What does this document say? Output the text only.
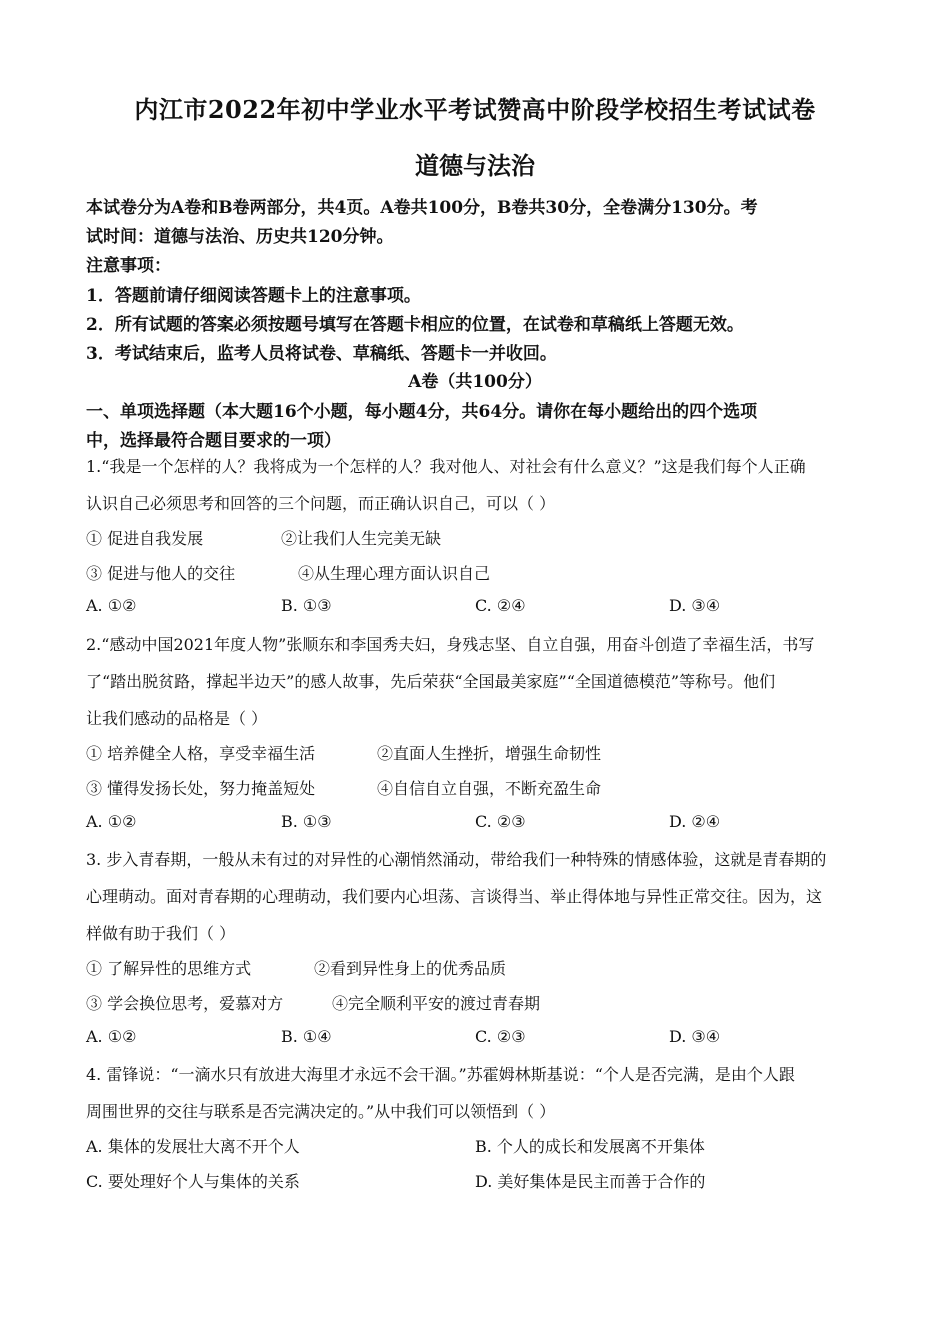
内江市2022年初中学业水平考试赞高中阶段学校招生考试试卷
道德与法治
本试卷分为A卷和B卷两部分，共4页。A卷共100分，B卷共30分，全卷满分130分。考
试时间：道德与法治、历史共120分钟。
注意事项：
1．答题前请仔细阅读答题卡上的注意事项。
2．所有试题的答案必须按题号填写在答题卡相应的位置，在试卷和草稿纸上答题无效。
3．考试结束后，监考人员将试卷、草稿纸、答题卡一并收回。
A卷（共100分）
一、单项选择题（本大题16个小题，每小题4分，共64分。请你在每小题给出的四个选项
中，选择最符合题目要求的一项）
1.“我是一个怎样的人？我将成为一个怎样的人？我对他人、对社会有什么意义？”这是我们每个人正确
认识自己必须思考和回答的三个问题，而正确认识自己，可以（ ）
① 促进自我发展	②让我们人生完美无缺
③ 促进与他人的交往	④从生理心理方面认识自己
A. ①②	B. ①③	C. ②④	D. ③④
2.“感动中国2021年度人物”张顺东和李国秀夫妇，身残志坚、自立自强，用奋斗创造了幸福生活，书写
了“踏出脱贫路，撑起半边天”的感人故事，先后荣获“全国最美家庭”“全国道德模范”等称号。他们
让我们感动的品格是（ ）
① 培养健全人格，享受幸福生活	②直面人生挫折，增强生命韧性
③ 懂得发扬长处，努力掩盖短处	④自信自立自强，不断充盈生命
A. ①②	B. ①③	C. ②③	D. ②④
3. 步入青春期，一般从未有过的对异性的心潮悄然涌动，带给我们一种特殊的情感体验，这就是青春期的
心理萌动。面对青春期的心理萌动，我们要内心坦荡、言谈得当、举止得体地与异性正常交往。因为，这
样做有助于我们（ ）
① 了解异性的思维方式	②看到异性身上的优秀品质
③ 学会换位思考，爱慕对方	④完全顺利平安的渡过青春期
A. ①②	B. ①④	C. ②③	D. ③④
4. 雷锋说：“一滴水只有放进大海里才永远不会干涸。”苏霍姆林斯基说：“个人是否完满，是由个人跟
周围世界的交往与联系是否完满决定的。”从中我们可以领悟到（ ）
A. 集体的发展壮大离不开个人	B. 个人的成长和发展离不开集体
C. 要处理好个人与集体的关系	D. 美好集体是民主而善于合作的
